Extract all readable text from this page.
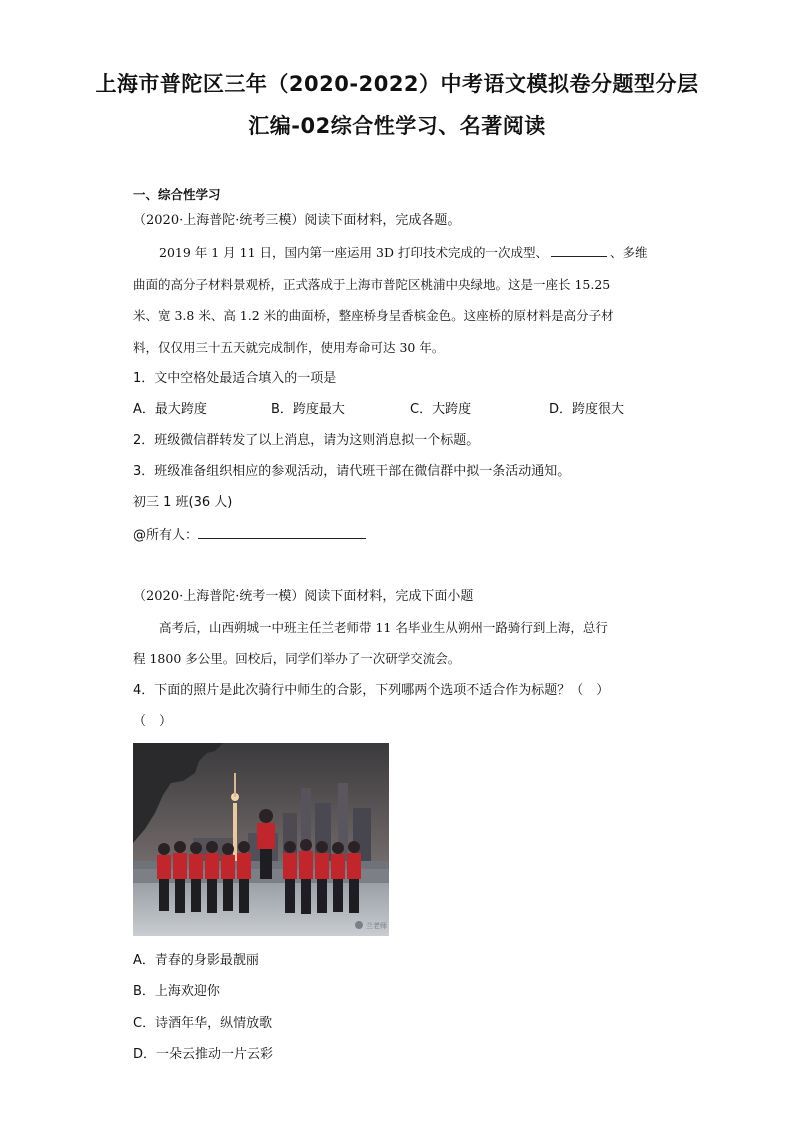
上海市普陀区三年（2020-2022）中考语文模拟卷分题型分层
汇编-02综合性学习、名著阅读
一、综合性学习
（2020·上海普陀·统考三模）阅读下面材料，完成各题。
2019 年 1 月 11 日，国内第一座运用 3D 打印技术完成的一次成型、	、多维
曲面的高分子材料景观桥，正式落成于上海市普陀区桃浦中央绿地。这是一座长 15.25
米、宽 3.8 米、高 1.2 米的曲面桥，整座桥身呈香槟金色。这座桥的原材料是高分子材
料，仅仅用三十五天就完成制作，使用寿命可达 30 年。
1．文中空格处最适合填入的一项是
A．最大跨度	B．跨度最大	C．大跨度	D．跨度很大
2．班级微信群转发了以上消息，请为这则消息拟一个标题。
3．班级准备组织相应的参观活动，请代班干部在微信群中拟一条活动通知。
初三 1 班(36 人)
@所有人：
（2020·上海普陀·统考一模）阅读下面材料，完成下面小题
高考后，山西朔城一中班主任兰老师带 11 名毕业生从朔州一路骑行到上海，总行
程 1800 多公里。回校后，同学们举办了一次研学交流会。
4．下面的照片是此次骑行中师生的合影，下列哪两个选项不适合作为标题？（　）
（　）
兰老师
A．青春的身影最靓丽
B．上海欢迎你
C．诗酒年华，纵情放歌
D．一朵云推动一片云彩
